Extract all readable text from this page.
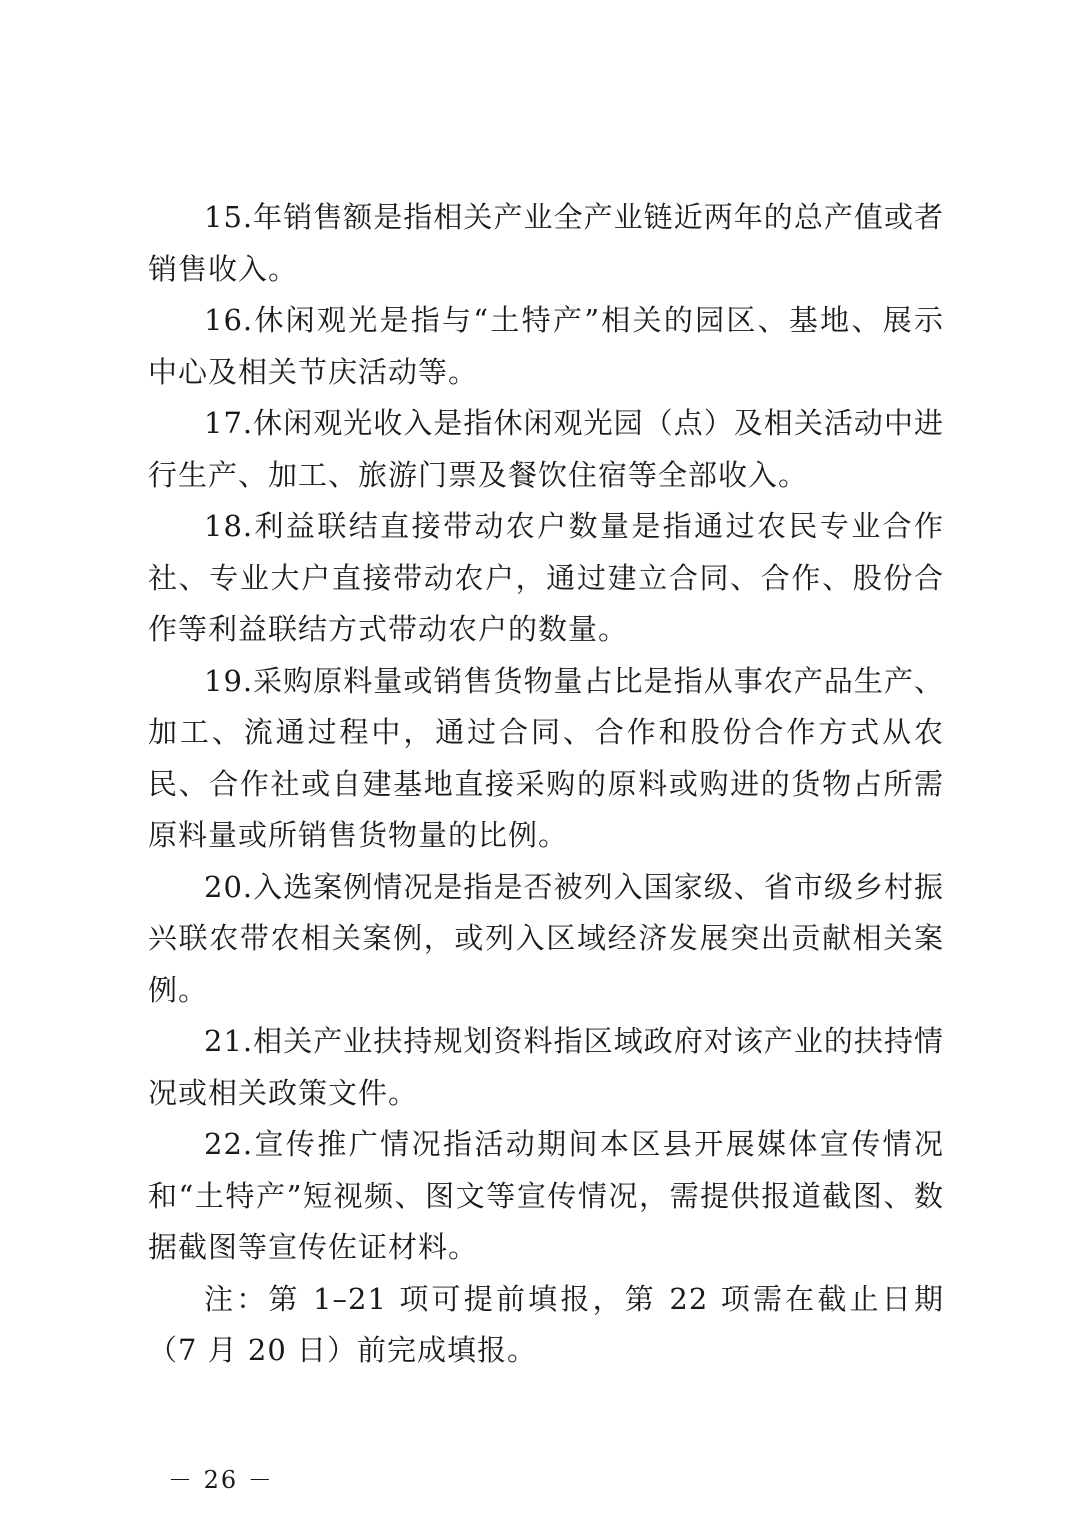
15.年销售额是指相关产业全产业链近两年的总产值或者销售收入。

16.休闲观光是指与“土特产”相关的园区、基地、展示中心及相关节庆活动等。

17.休闲观光收入是指休闲观光园（点）及相关活动中进行生产、加工、旅游门票及餐饮住宿等全部收入。

18.利益联结直接带动农户数量是指通过农民专业合作社、专业大户直接带动农户，通过建立合同、合作、股份合作等利益联结方式带动农户的数量。

19.采购原料量或销售货物量占比是指从事农产品生产、加工、流通过程中，通过合同、合作和股份合作方式从农民、合作社或自建基地直接采购的原料或购进的货物占所需原料量或所销售货物量的比例。

20.入选案例情况是指是否被列入国家级、省市级乡村振兴联农带农相关案例，或列入区域经济发展突出贡献相关案例。

21.相关产业扶持规划资料指区域政府对该产业的扶持情况或相关政策文件。

22.宣传推广情况指活动期间本区县开展媒体宣传情况和“土特产”短视频、图文等宣传情况，需提供报道截图、数据截图等宣传佐证材料。

注：第 1–21 项可提前填报，第 22 项需在截止日期（7 月 20 日）前完成填报。

－ 26 －
